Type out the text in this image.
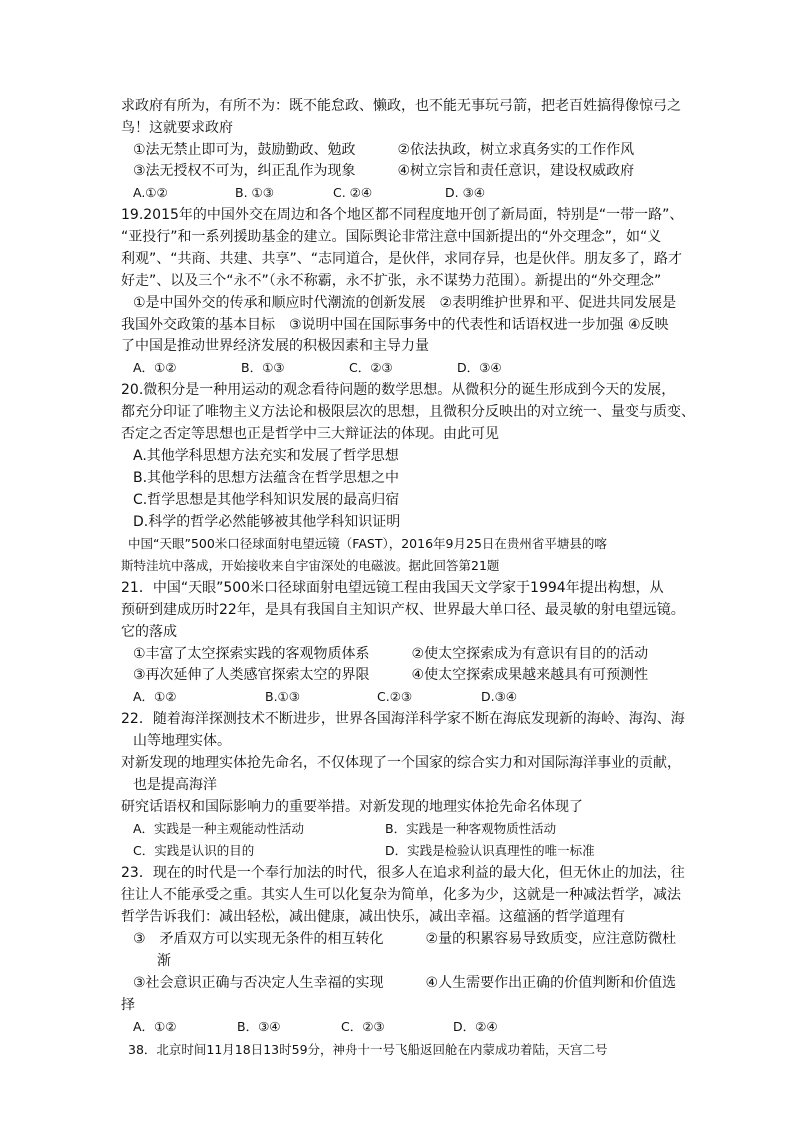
求政府有所为，有所不为：既不能怠政、懒政，也不能无事玩弓箭，把老百姓搞得像惊弓之
鸟！这就要求政府
①法无禁止即可为，鼓励勤政、勉政　　　②依法执政，树立求真务实的工作作风
③法无授权不可为，纠正乱作为现象　　　④树立宗旨和责任意识，建设权威政府
A.①②	B. ①③	C. ②④	D. ③④
19.2015年的中国外交在周边和各个地区都不同程度地开创了新局面，特别是“一带一路”、
“亚投行”和一系列援助基金的建立。国际舆论非常注意中国新提出的“外交理念”，如“义
利观”、“共商、共建、共享”、“志同道合，是伙伴，求同存异，也是伙伴。朋友多了，路才
好走”、以及三个“永不”（永不称霸，永不扩张，永不谋势力范围）。新提出的“外交理念”
①是中国外交的传承和顺应时代潮流的创新发展　②表明维护世界和平、促进共同发展是
我国外交政策的基本目标　③说明中国在国际事务中的代表性和话语权进一步加强 ④反映
了中国是推动世界经济发展的积极因素和主导力量
A．①②	B．①③	C．②③	D．③④
20.微积分是一种用运动的观念看待问题的数学思想。从微积分的诞生形成到今天的发展，
都充分印证了唯物主义方法论和极限层次的思想，且微积分反映出的对立统一、量变与质变、
否定之否定等思想也正是哲学中三大辩证法的体现。由此可见
A.其他学科思想方法充实和发展了哲学思想
B.其他学科的思想方法蕴含在哲学思想之中
C.哲学思想是其他学科知识发展的最高归宿
D.科学的哲学必然能够被其他学科知识证明
中国“天眼”500米口径球面射电望远镜（FAST），2016年9月25日在贵州省平塘县的喀
斯特洼坑中落成，开始接收来自宇宙深处的电磁波。据此回答第21题
21．中国“天眼”500米口径球面射电望远镜工程由我国天文学家于1994年提出构想，从
预研到建成历时22年，是具有我国自主知识产权、世界最大单口径、最灵敏的射电望远镜。
它的落成
①丰富了太空探索实践的客观物质体系　　　②使太空探索成为有意识有目的的活动
③再次延伸了人类感官探索太空的界限　　　④使太空探索成果越来越具有可预测性
A．①②	B.①③	C.②③	D.③④
22．随着海洋探测技术不断进步，世界各国海洋科学家不断在海底发现新的海岭、海沟、海
山等地理实体。
对新发现的地理实体抢先命名，不仅体现了一个国家的综合实力和对国际海洋事业的贡献，
也是提高海洋
研究话语权和国际影响力的重要举措。对新发现的地理实体抢先命名体现了
A．实践是一种主观能动性活动	B．实践是一种客观物质性活动
C．实践是认识的目的	D．实践是检验认识真理性的唯一标准
23．现在的时代是一个奉行加法的时代，很多人在追求利益的最大化，但无休止的加法，往
往让人不能承受之重。其实人生可以化复杂为简单，化多为少，这就是一种减法哲学，减法
哲学告诉我们：减出轻松，减出健康，减出快乐，减出幸福。这蕴涵的哲学道理有
③　矛盾双方可以实现无条件的相互转化　　　②量的积累容易导致质变，应注意防微杜
渐
③社会意识正确与否决定人生幸福的实现　　　④人生需要作出正确的价值判断和价值选
择
A．①②	B．③④	C．②③	D．②④
38．北京时间11月18日13时59分，神舟十一号飞船返回舱在内蒙成功着陆，天宫二号
